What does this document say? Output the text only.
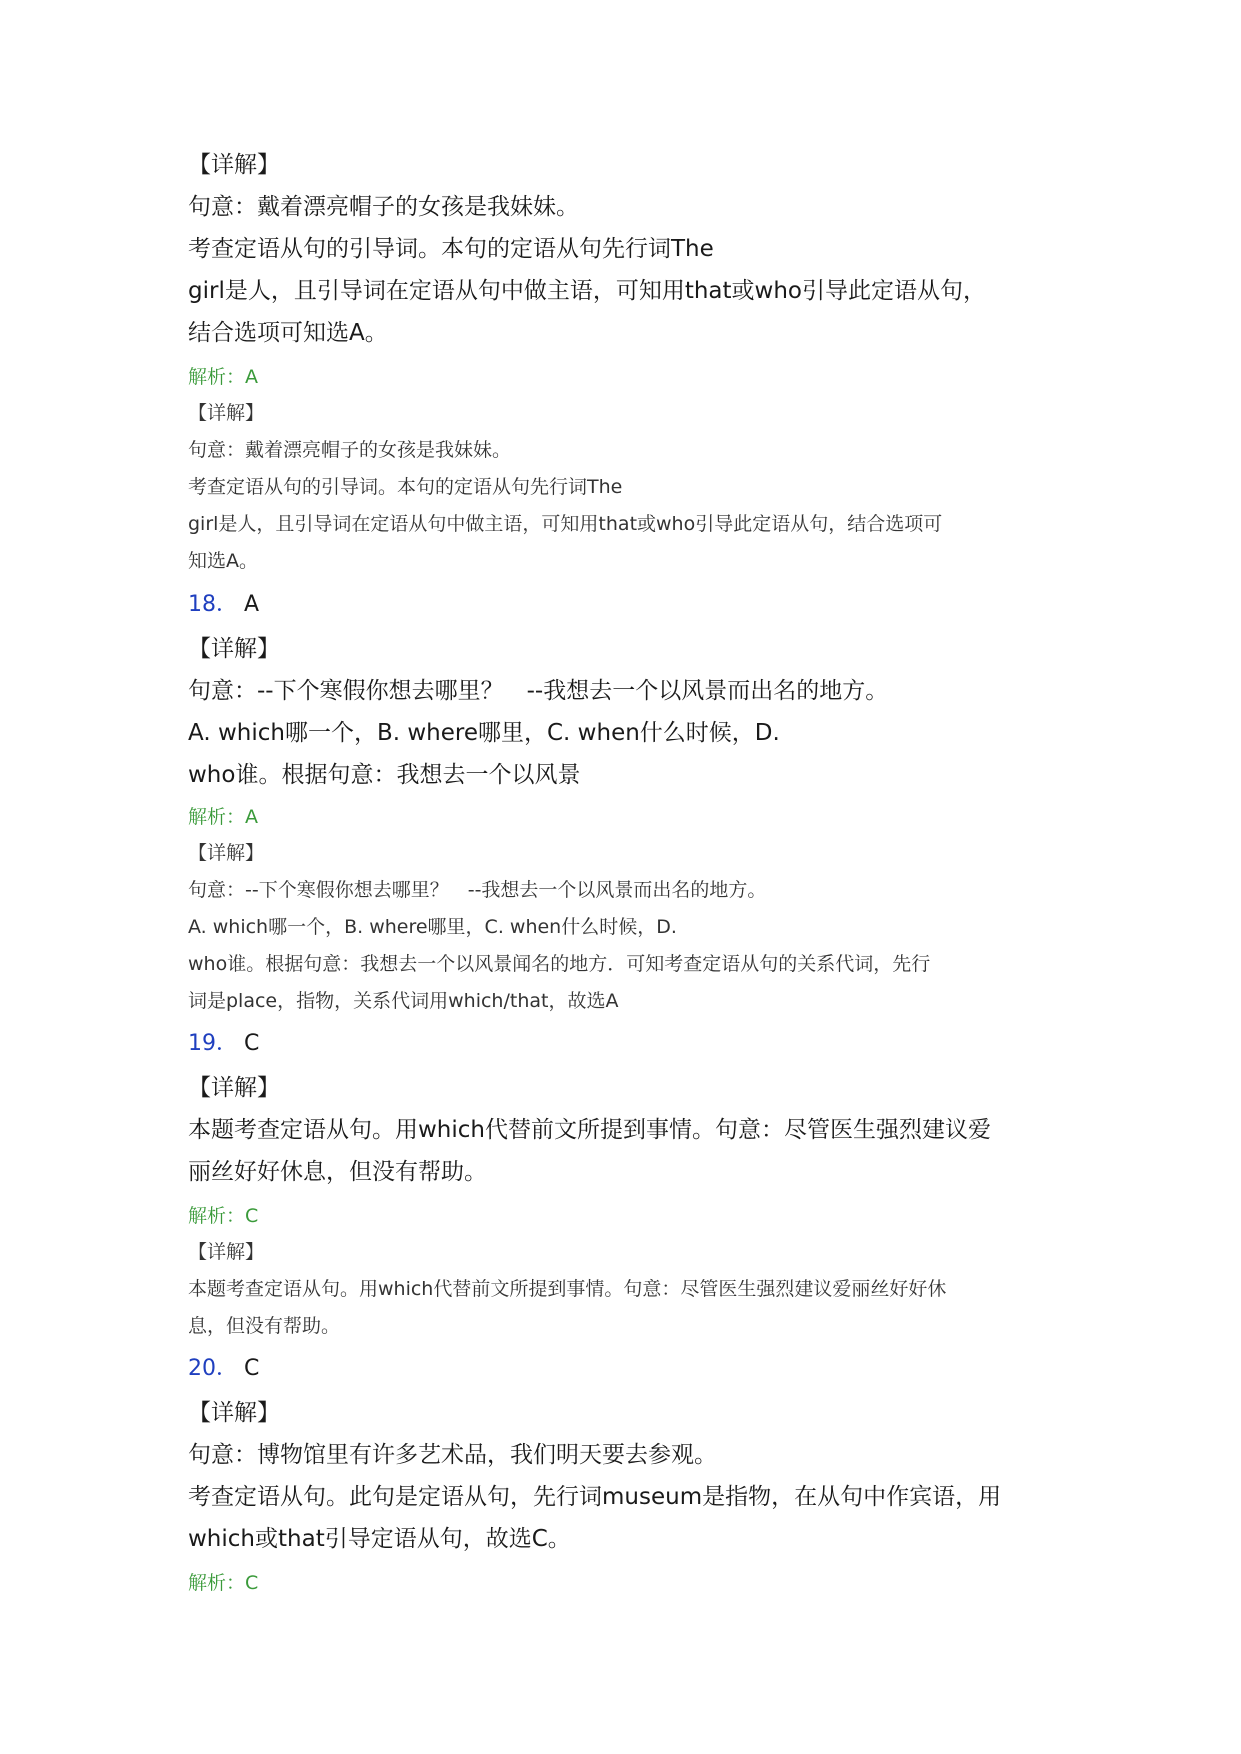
【详解】
句意：戴着漂亮帽子的女孩是我妹妹。
考查定语从句的引导词。本句的定语从句先行词The
girl是人，且引导词在定语从句中做主语，可知用that或who引导此定语从句，
结合选项可知选A。
解析：A
【详解】
句意：戴着漂亮帽子的女孩是我妹妹。
考查定语从句的引导词。本句的定语从句先行词The
girl是人，且引导词在定语从句中做主语，可知用that或who引导此定语从句，结合选项可
知选A。
18． A
【详解】
句意：--下个寒假你想去哪里？　--我想去一个以风景而出名的地方。
A. which哪一个，B. where哪里，C. when什么时候，D.
who谁。根据句意：我想去一个以风景
解析：A
【详解】
句意：--下个寒假你想去哪里？　--我想去一个以风景而出名的地方。
A. which哪一个，B. where哪里，C. when什么时候，D.
who谁。根据句意：我想去一个以风景闻名的地方．可知考查定语从句的关系代词，先行
词是place，指物，关系代词用which/that，故选A
19． C
【详解】
本题考查定语从句。用which代替前文所提到事情。句意：尽管医生强烈建议爱
丽丝好好休息，但没有帮助。
解析：C
【详解】
本题考查定语从句。用which代替前文所提到事情。句意：尽管医生强烈建议爱丽丝好好休
息，但没有帮助。
20． C
【详解】
句意：博物馆里有许多艺术品，我们明天要去参观。
考查定语从句。此句是定语从句，先行词museum是指物，在从句中作宾语，用
which或that引导定语从句，故选C。
解析：C
